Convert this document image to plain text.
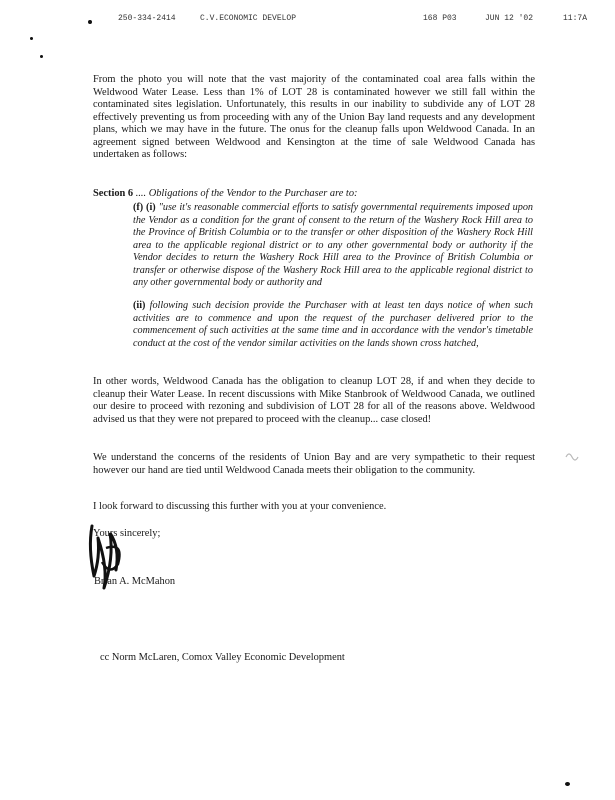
250-334-2414	C.V.ECONOMIC DEVELOP	168 P03	JUN 12 '02	11:7A

From the photo you will note that the vast majority of the contaminated coal area falls within the Weldwood Water Lease. Less than 1% of LOT 28 is contaminated however we still fall within the contaminated sites legislation. Unfortunately, this results in our inability to subdivide any of LOT 28 effectively preventing us from proceeding with any of the Union Bay land requests and any development plans, which we may have in the future. The onus for the cleanup falls upon Weldwood Canada. In an agreement signed between Weldwood and Kensington at the time of sale Weldwood Canada has undertaken as follows:

Section 6 .... Obligations of the Vendor to the Purchaser are to:
(f) (i) "use it's reasonable commercial efforts to satisfy governmental requirements imposed upon the Vendor as a condition for the grant of consent to the return of the Washery Rock Hill area to the Province of British Columbia or to the transfer or other disposition of the Washery Rock Hill area to the applicable regional district or to any other governmental body or authority if the Vendor decides to return the Washery Rock Hill area to the Province of British Columbia or transfer or otherwise dispose of the Washery Rock Hill area to the applicable regional district to any other governmental body or authority and
(ii) following such decision provide the Purchaser with at least ten days notice of when such activities are to commence and upon the request of the purchaser delivered prior to the commencement of such activities at the same time and in accordance with the vendor's timetable conduct at the cost of the vendor similar activities on the lands shown cross hatched,

In other words, Weldwood Canada has the obligation to cleanup LOT 28, if and when they decide to cleanup their Water Lease. In recent discussions with Mike Stanbrook of Weldwood Canada, we outlined our desire to proceed with rezoning and subdivision of LOT 28 for all of the reasons above. Weldwood advised us that they were not prepared to proceed with the cleanup... case closed!

We understand the concerns of the residents of Union Bay and are very sympathetic to their request however our hand are tied until Weldwood Canada meets their obligation to the community.

I look forward to discussing this further with you at your convenience.

Yours sincerely;

Brian A. McMahon

cc Norm McLaren, Comox Valley Economic Development
